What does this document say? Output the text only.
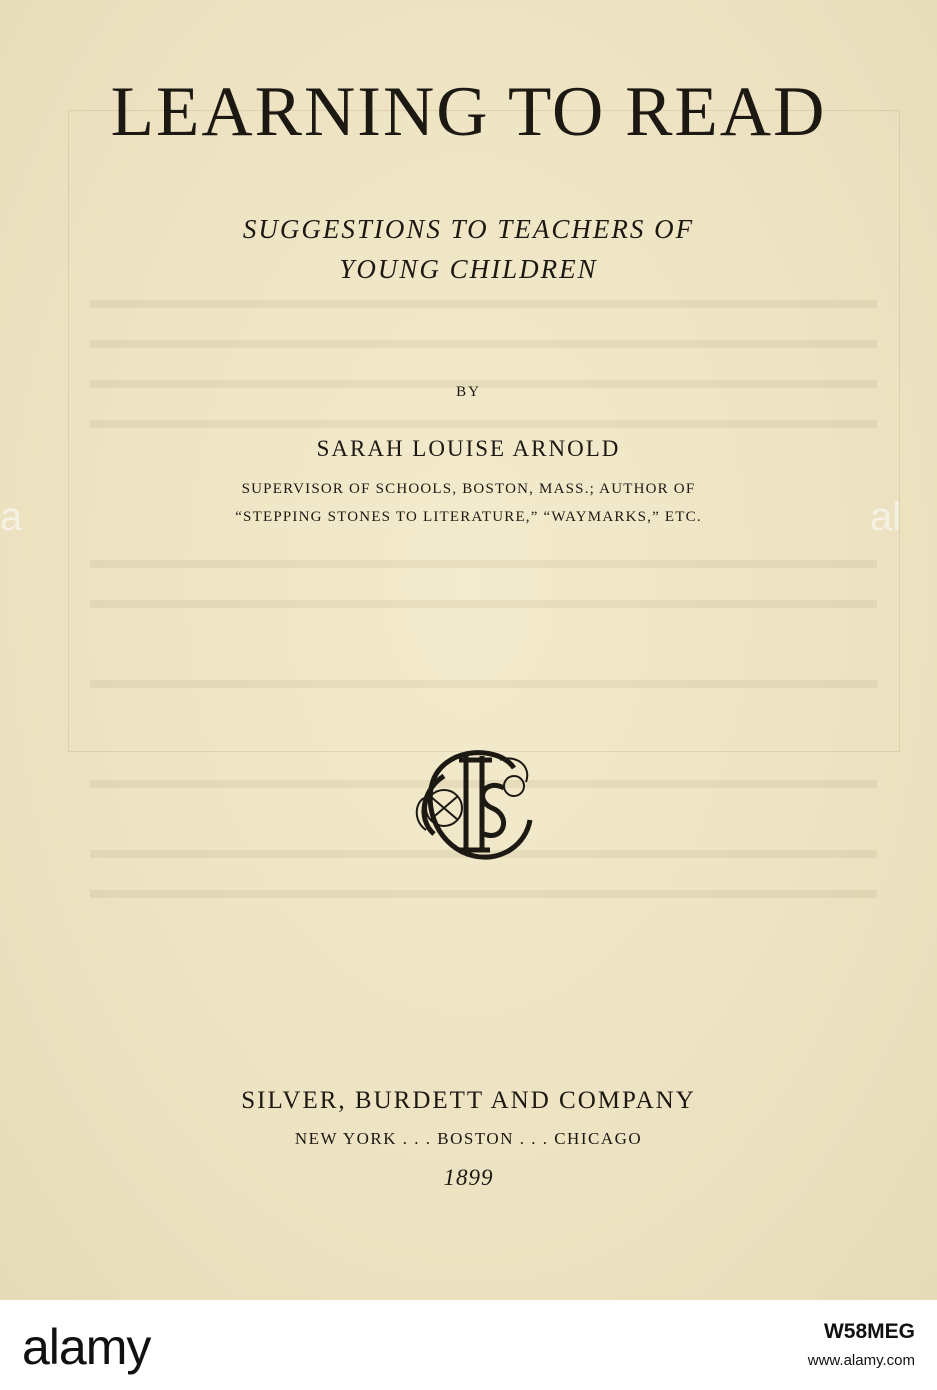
LEARNING TO READ
SUGGESTIONS TO TEACHERS OF
YOUNG CHILDREN
BY
SARAH LOUISE ARNOLD
SUPERVISOR OF SCHOOLS, BOSTON, MASS.; AUTHOR OF
“STEPPING STONES TO LITERATURE,” “WAYMARKS,” ETC.
SILVER, BURDETT AND COMPANY
NEW YORK . . . BOSTON . . . CHICAGO
1899
a	al
alamy	W58MEG
www.alamy.com
